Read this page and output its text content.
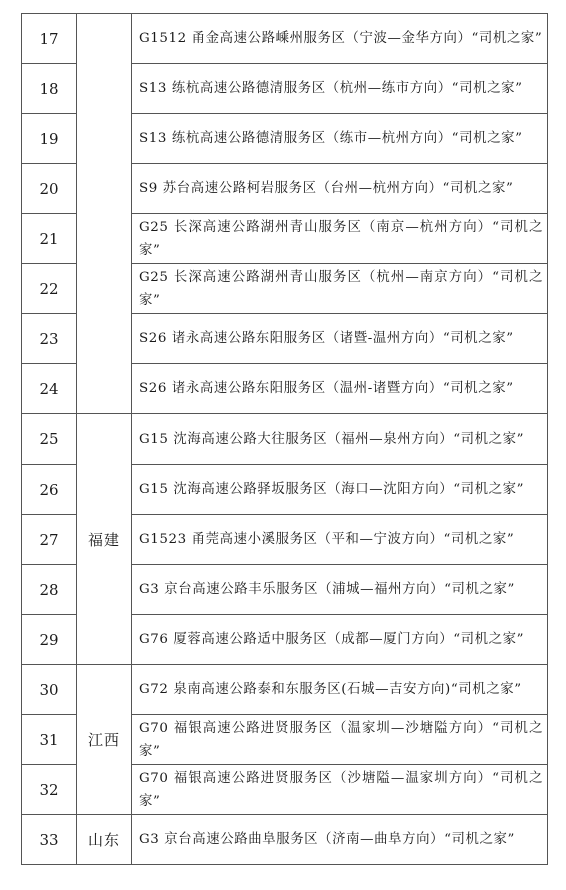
17		G1512 甬金高速公路嵊州服务区（宁波—金华方向）“司机之家”
18		S13 练杭高速公路德清服务区（杭州—练市方向）“司机之家”
19		S13 练杭高速公路德清服务区（练市—杭州方向）“司机之家”
20		S9 苏台高速公路柯岩服务区（台州—杭州方向）“司机之家”
21		G25 长深高速公路湖州青山服务区（南京—杭州方向）“司机之家”
22		G25 长深高速公路湖州青山服务区（杭州—南京方向）“司机之家”
23		S26 诸永高速公路东阳服务区（诸暨-温州方向）“司机之家”
24		S26 诸永高速公路东阳服务区（温州-诸暨方向）“司机之家”
25	福建	G15 沈海高速公路大往服务区（福州—泉州方向）“司机之家”
26		G15 沈海高速公路驿坂服务区（海口—沈阳方向）“司机之家”
27		G1523 甬莞高速小溪服务区（平和—宁波方向）“司机之家”
28		G3 京台高速公路丰乐服务区（浦城—福州方向）“司机之家”
29		G76 厦蓉高速公路适中服务区（成都—厦门方向）“司机之家”
30	江西	G72 泉南高速公路泰和东服务区(石城—吉安方向)“司机之家”
31		G70 福银高速公路进贤服务区（温家圳—沙塘隘方向）“司机之家”
32		G70 福银高速公路进贤服务区（沙塘隘—温家圳方向）“司机之家”
33	山东	G3 京台高速公路曲阜服务区（济南—曲阜方向）“司机之家”
